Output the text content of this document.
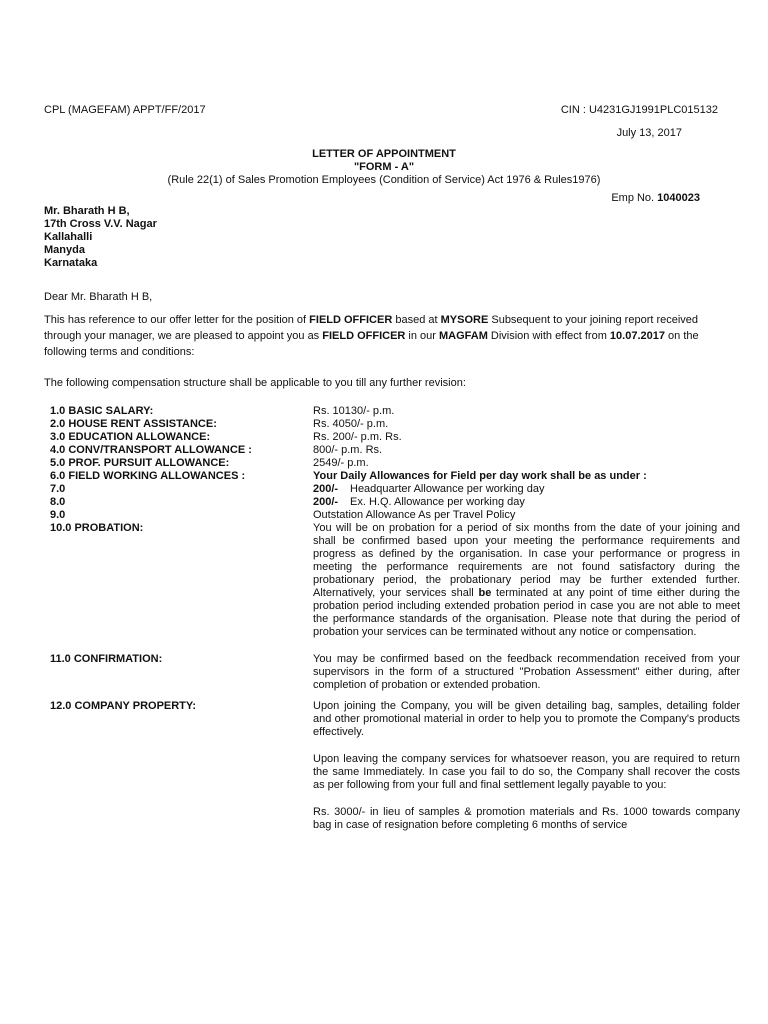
CPL (MAGEFAM) APPT/FF/2017	CIN : U4231GJ1991PLC015132
July 13, 2017
LETTER OF APPOINTMENT
"FORM - A"
(Rule 22(1) of Sales Promotion Employees (Condition of Service) Act 1976 & Rules1976)
Emp No. 1040023
Mr. Bharath H B,
17th Cross V.V. Nagar
Kallahalli
Manyda
Karnataka
Dear Mr. Bharath H B,

This has reference to our offer letter for the position of FIELD OFFICER based at MYSORE Subsequent to your joining report received through your manager, we are pleased to appoint you as FIELD OFFICER in our MAGFAM Division with effect from 10.07.2017 on the following terms and conditions:

The following compensation structure shall be applicable to you till any further revision:
1.0 BASIC SALARY:	Rs. 10130/- p.m.
2.0 HOUSE RENT ASSISTANCE:	Rs. 4050/- p.m.
3.0 EDUCATION ALLOWANCE:	Rs. 200/- p.m. Rs.
4.0 CONV/TRANSPORT ALLOWANCE :	800/- p.m. Rs.
5.0 PROF. PURSUIT ALLOWANCE:	2549/- p.m.
6.0 FIELD WORKING ALLOWANCES :	Your Daily Allowances for Field per day work shall be as under :
7.0	200/- Headquarter Allowance per working day
8.0	200/- Ex. H.Q. Allowance per working day
9.0	Outstation Allowance As per Travel Policy
10.0 PROBATION:	You will be on probation for a period of six months from the date of your joining and shall be confirmed based upon your meeting the performance requirements and progress as defined by the organisation. In case your performance or progress in meeting the performance requirements are not found satisfactory during the probationary period, the probationary period may be further extended further. Alternatively, your services shall be terminated at any point of time either during the probation period including extended probation period in case you are not able to meet the performance standards of the organisation. Please note that during the period of probation your services can be terminated without any notice or compensation.
11.0 CONFIRMATION:	You may be confirmed based on the feedback recommendation received from your supervisors in the form of a structured "Probation Assessment" either during, after completion of probation or extended probation.
12.0 COMPANY PROPERTY:	Upon joining the Company, you will be given detailing bag, samples, detailing folder and other promotional material in order to help you to promote the Company's products effectively.
Upon leaving the company services for whatsoever reason, you are required to return the same Immediately. In case you fail to do so, the Company shall recover the costs as per following from your full and final settlement legally payable to you:
Rs. 3000/- in lieu of samples & promotion materials and Rs. 1000 towards company bag in case of resignation before completing 6 months of service
